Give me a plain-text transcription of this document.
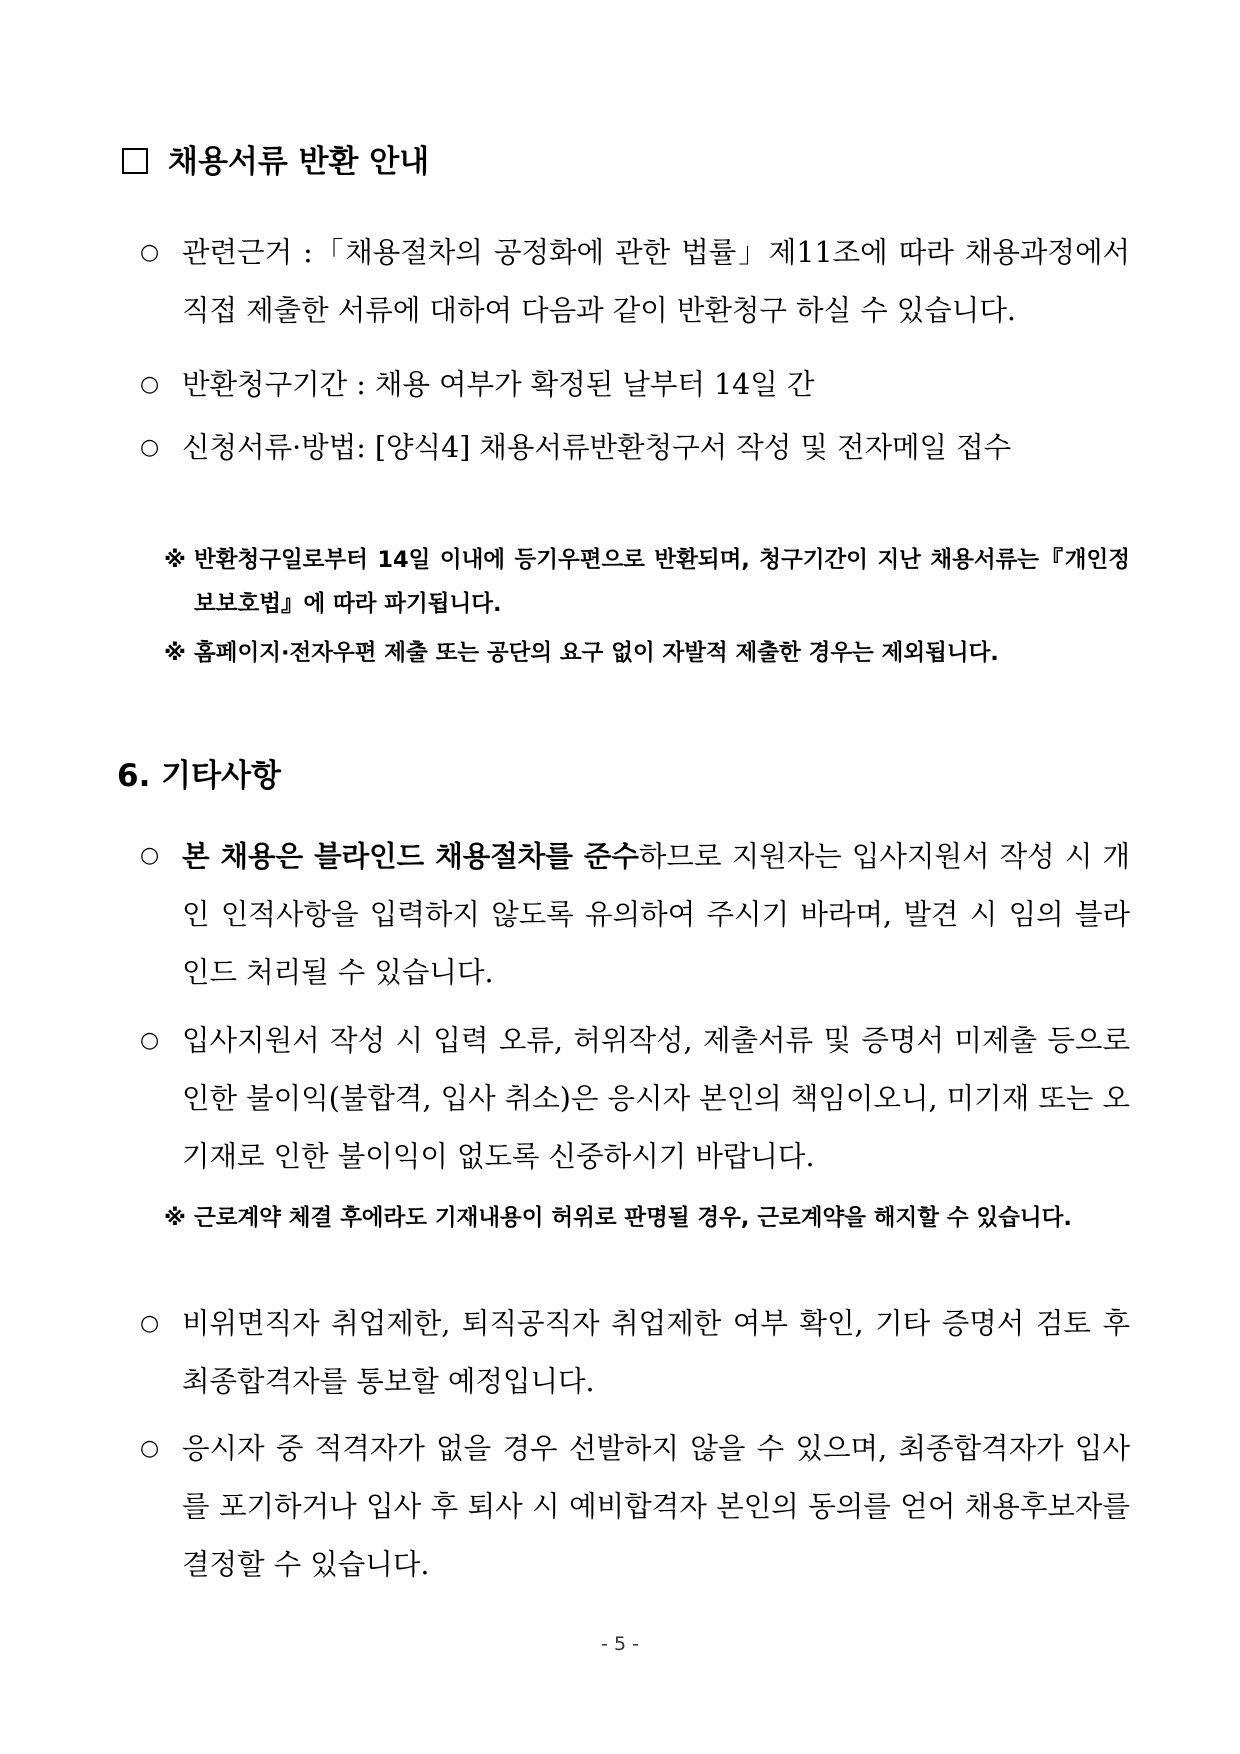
채용서류 반환 안내
○ 관련근거 :「채용절차의 공정화에 관한 법률」제11조에 따라 채용과정에서 직접 제출한 서류에 대하여 다음과 같이 반환청구 하실 수 있습니다.
○ 반환청구기간 : 채용 여부가 확정된 날부터 14일 간
○ 신청서류·방법: [양식4] 채용서류반환청구서 작성 및 전자메일 접수
※ 반환청구일로부터 14일 이내에 등기우편으로 반환되며, 청구기간이 지난 채용서류는『개인정보보호법』에 따라 파기됩니다.
※ 홈페이지·전자우편 제출 또는 공단의 요구 없이 자발적 제출한 경우는 제외됩니다.
6. 기타사항
○ 본 채용은 블라인드 채용절차를 준수하므로 지원자는 입사지원서 작성 시 개인 인적사항을 입력하지 않도록 유의하여 주시기 바라며, 발견 시 임의 블라인드 처리될 수 있습니다.
○ 입사지원서 작성 시 입력 오류, 허위작성, 제출서류 및 증명서 미제출 등으로 인한 불이익(불합격, 입사 취소)은 응시자 본인의 책임이오니, 미기재 또는 오기재로 인한 불이익이 없도록 신중하시기 바랍니다.
※ 근로계약 체결 후에라도 기재내용이 허위로 판명될 경우, 근로계약을 해지할 수 있습니다.
○ 비위면직자 취업제한, 퇴직공직자 취업제한 여부 확인, 기타 증명서 검토 후 최종합격자를 통보할 예정입니다.
○ 응시자 중 적격자가 없을 경우 선발하지 않을 수 있으며, 최종합격자가 입사를 포기하거나 입사 후 퇴사 시 예비합격자 본인의 동의를 얻어 채용후보자를 결정할 수 있습니다.
- 5 -
